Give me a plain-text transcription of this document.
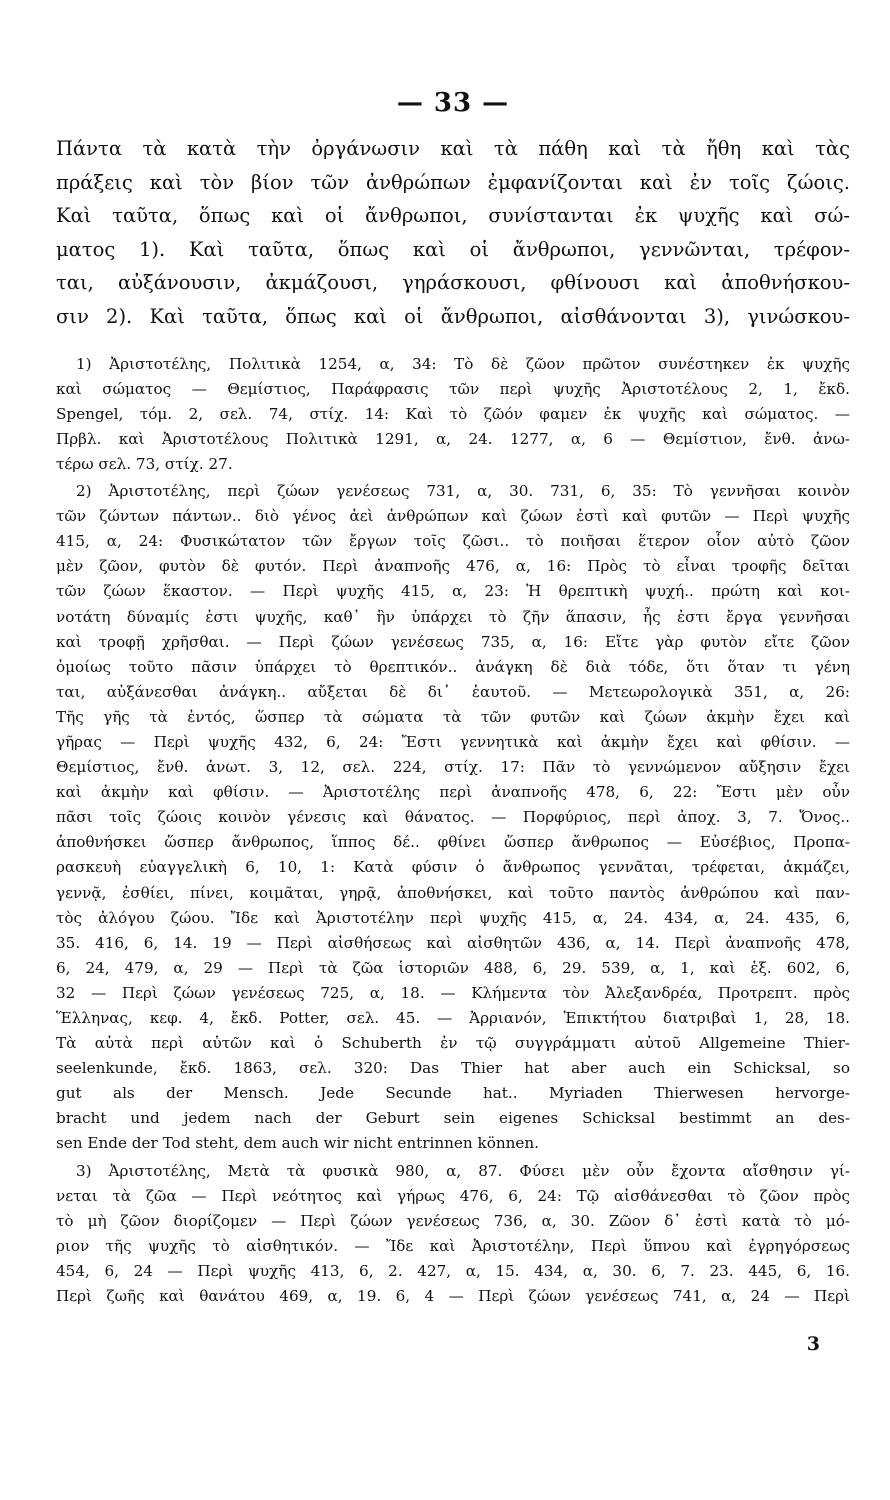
— 33 —
Πάντα τὰ κατὰ τὴν ὀργάνωσιν καὶ τὰ πάθη καὶ τὰ ἤθη καὶ τὰς
πράξεις καὶ τὸν βίον τῶν ἀνθρώπων ἐμφανίζονται καὶ ἐν τοῖς ζώοις.
Καὶ ταῦτα, ὅπως καὶ οἱ ἄνθρωποι, συνίστανται ἐκ ψυχῆς καὶ σώ-
ματος 1). Καὶ ταῦτα, ὅπως καὶ οἱ ἄνθρωποι, γεννῶνται, τρέφον-
ται, αὐξάνουσιν, ἀκμάζουσι, γηράσκουσι, φθίνουσι καὶ ἀποθνήσκου-
σιν 2). Καὶ ταῦτα, ὅπως καὶ οἱ ἄνθρωποι, αἰσθάνονται 3), γινώσκου-
1) Ἀριστοτέλης, Πολιτικὰ 1254, α, 34: Τὸ δὲ ζῶον πρῶτον συνέστηκεν ἐκ ψυχῆς
καὶ σώματος — Θεμίστιος, Παράφρασις τῶν περὶ ψυχῆς Ἀριστοτέλους 2, 1, ἔκδ.
Spengel, τόμ. 2, σελ. 74, στίχ. 14: Καὶ τὸ ζῶόν φαμεν ἐκ ψυχῆς καὶ σώματος. —
Πρβλ. καὶ Ἀριστοτέλους Πολιτικὰ 1291, α, 24. 1277, α, 6 — Θεμίστιον, ἔνθ. ἀνω-
τέρω σελ. 73, στίχ. 27.
2) Ἀριστοτέλης, περὶ ζώων γενέσεως 731, α, 30. 731, 6, 35: Τὸ γεννῆσαι κοινὸν
τῶν ζώντων πάντων.. διὸ γένος ἀεὶ ἀνθρώπων καὶ ζώων ἐστὶ καὶ φυτῶν — Περὶ ψυχῆς
415, α, 24: Φυσικώτατον τῶν ἔργων τοῖς ζῶσι.. τὸ ποιῆσαι ἕτερον οἷον αὐτὸ ζῶον
μὲν ζῶον, φυτὸν δὲ φυτόν. Περὶ ἀναπνοῆς 476, α, 16: Πρὸς τὸ εἶναι τροφῆς δεῖται
τῶν ζώων ἕκαστον. — Περὶ ψυχῆς 415, α, 23: Ἡ θρεπτικὴ ψυχή.. πρώτη καὶ κοι-
νοτάτη δύναμίς ἐστι ψυχῆς, καθ᾽ ἣν ὑπάρχει τὸ ζῆν ἅπασιν, ἧς ἐστι ἔργα γεννῆσαι
καὶ τροφῇ χρῆσθαι. — Περὶ ζώων γενέσεως 735, α, 16: Εἴτε γὰρ φυτὸν εἴτε ζῶον
ὁμοίως τοῦτο πᾶσιν ὑπάρχει τὸ θρεπτικόν.. ἀνάγκη δὲ διὰ τόδε, ὅτι ὅταν τι γένη
ται, αὐξάνεσθαι ἀνάγκη.. αὔξεται δὲ δι᾽ ἑαυτοῦ. — Μετεωρολογικὰ 351, α, 26:
Τῆς γῆς τὰ ἐντός, ὥσπερ τὰ σώματα τὰ τῶν φυτῶν καὶ ζώων ἀκμὴν ἔχει καὶ
γῆρας — Περὶ ψυχῆς 432, 6, 24: Ἔστι γεννητικὰ καὶ ἀκμὴν ἔχει καὶ φθίσιν. —
Θεμίστιος, ἔνθ. ἀνωτ. 3, 12, σελ. 224, στίχ. 17: Πᾶν τὸ γεννώμενον αὔξησιν ἔχει
καὶ ἀκμὴν καὶ φθίσιν. — Ἀριστοτέλης περὶ ἀναπνοῆς 478, 6, 22: Ἔστι μὲν οὖν
πᾶσι τοῖς ζώοις κοινὸν γένεσις καὶ θάνατος. — Πορφύριος, περὶ ἀποχ. 3, 7. Ὄνος..
ἀποθνήσκει ὥσπερ ἄνθρωπος, ἵππος δέ.. φθίνει ὥσπερ ἄνθρωπος — Εὐσέβιος, Προπα-
ρασκευὴ εὐαγγελικὴ 6, 10, 1: Κατὰ φύσιν ὁ ἄνθρωπος γεννᾶται, τρέφεται, ἀκμάζει,
γεννᾷ, ἐσθίει, πίνει, κοιμᾶται, γηρᾷ, ἀποθνήσκει, καὶ τοῦτο παντὸς ἀνθρώπου καὶ παν-
τὸς ἀλόγου ζώου. Ἴδε καὶ Ἀριστοτέλην περὶ ψυχῆς 415, α, 24. 434, α, 24. 435, 6,
35. 416, 6, 14. 19 — Περὶ αἰσθήσεως καὶ αἰσθητῶν 436, α, 14. Περὶ ἀναπνοῆς 478,
6, 24, 479, α, 29 — Περὶ τὰ ζῶα ἱστοριῶν 488, 6, 29. 539, α, 1, καὶ ἑξ. 602, 6,
32 — Περὶ ζώων γενέσεως 725, α, 18. — Κλήμεντα τὸν Ἀλεξανδρέα, Προτρεπτ. πρὸς
Ἕλληνας, κεφ. 4, ἔκδ. Potter, σελ. 45. — Ἀρριανόν, Ἐπικτήτου διατριβαὶ 1, 28, 18.
Τὰ αὐτὰ περὶ αὐτῶν καὶ ὁ Schuberth ἐν τῷ συγγράμματι αὐτοῦ Allgemeine Thier-
seelenkunde, ἔκδ. 1863, σελ. 320: Das Thier hat aber auch ein Schicksal, so
gut als der Mensch. Jede Secunde hat.. Myriaden Thierwesen hervorge-
bracht und jedem nach der Geburt sein eigenes Schicksal bestimmt an des-
sen Ende der Tod steht, dem auch wir nicht entrinnen können.
3) Ἀριστοτέλης, Μετὰ τὰ φυσικὰ 980, α, 87. Φύσει μὲν οὖν ἔχοντα αἴσθησιν γί-
νεται τὰ ζῶα — Περὶ νεότητος καὶ γήρως 476, 6, 24: Τῷ αἰσθάνεσθαι τὸ ζῶον πρὸς
τὸ μὴ ζῶον διορίζομεν — Περὶ ζώων γενέσεως 736, α, 30. Ζῶον δ᾽ ἐστὶ κατὰ τὸ μό-
ριον τῆς ψυχῆς τὸ αἰσθητικόν. — Ἴδε καὶ Ἀριστοτέλην, Περὶ ὕπνου καὶ ἐγρηγόρσεως
454, 6, 24 — Περὶ ψυχῆς 413, 6, 2. 427, α, 15. 434, α, 30. 6, 7. 23. 445, 6, 16.
Περὶ ζωῆς καὶ θανάτου 469, α, 19. 6, 4 — Περὶ ζώων γενέσεως 741, α, 24 — Περὶ
3
